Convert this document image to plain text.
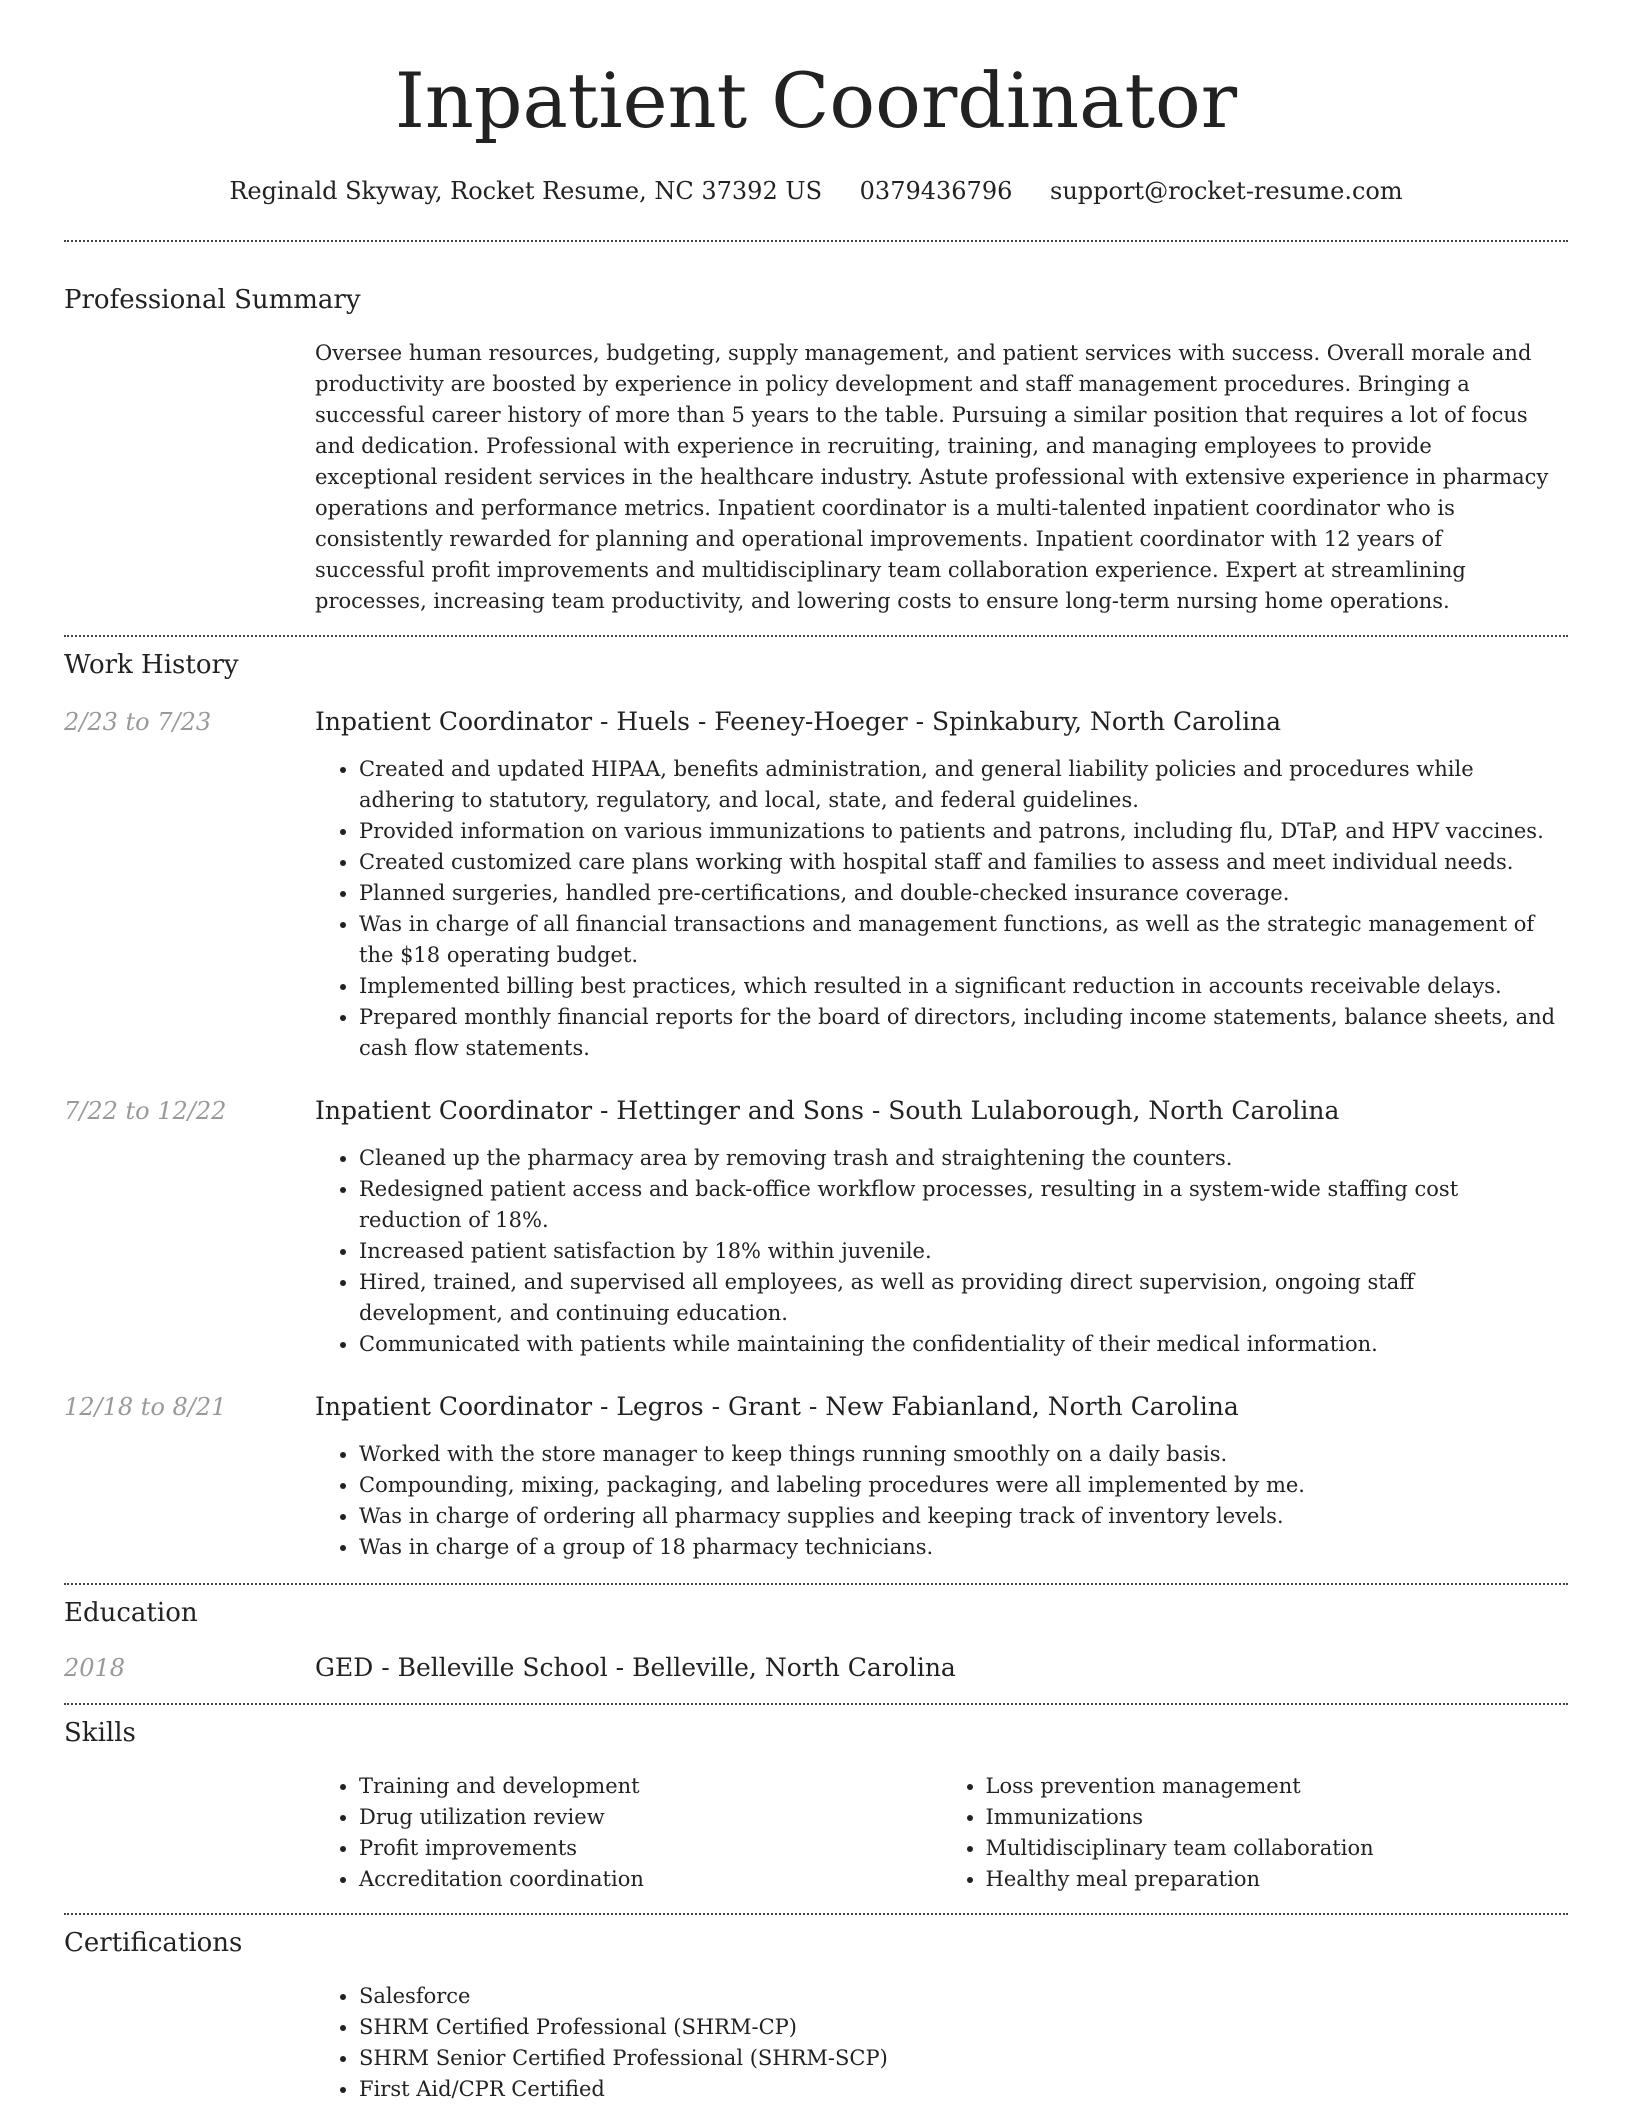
Inpatient Coordinator
Reginald Skyway, Rocket Resume, NC 37392 US 0379436796 support@rocket-resume.com
Professional Summary

Oversee human resources, budgeting, supply management, and patient services with success. Overall morale and productivity are boosted by experience in policy development and staff management procedures. Bringing a successful career history of more than 5 years to the table. Pursuing a similar position that requires a lot of focus and dedication. Professional with experience in recruiting, training, and managing employees to provide exceptional resident services in the healthcare industry. Astute professional with extensive experience in pharmacy operations and performance metrics. Inpatient coordinator is a multi-talented inpatient coordinator who is consistently rewarded for planning and operational improvements. Inpatient coordinator with 12 years of successful profit improvements and multidisciplinary team collaboration experience. Expert at streamlining processes, increasing team productivity, and lowering costs to ensure long-term nursing home operations.

Work History
2/23 to 7/23	Inpatient Coordinator - Huels - Feeney-Hoeger - Spinkabury, North Carolina
• Created and updated HIPAA, benefits administration, and general liability policies and procedures while adhering to statutory, regulatory, and local, state, and federal guidelines.
• Provided information on various immunizations to patients and patrons, including flu, DTaP, and HPV vaccines.
• Created customized care plans working with hospital staff and families to assess and meet individual needs.
• Planned surgeries, handled pre-certifications, and double-checked insurance coverage.
• Was in charge of all financial transactions and management functions, as well as the strategic management of the $18 operating budget.
• Implemented billing best practices, which resulted in a significant reduction in accounts receivable delays.
• Prepared monthly financial reports for the board of directors, including income statements, balance sheets, and cash flow statements.
7/22 to 12/22	Inpatient Coordinator - Hettinger and Sons - South Lulaborough, North Carolina
• Cleaned up the pharmacy area by removing trash and straightening the counters.
• Redesigned patient access and back-office workflow processes, resulting in a system-wide staffing cost reduction of 18%.
• Increased patient satisfaction by 18% within juvenile.
• Hired, trained, and supervised all employees, as well as providing direct supervision, ongoing staff development, and continuing education.
• Communicated with patients while maintaining the confidentiality of their medical information.
12/18 to 8/21	Inpatient Coordinator - Legros - Grant - New Fabianland, North Carolina
• Worked with the store manager to keep things running smoothly on a daily basis.
• Compounding, mixing, packaging, and labeling procedures were all implemented by me.
• Was in charge of ordering all pharmacy supplies and keeping track of inventory levels.
• Was in charge of a group of 18 pharmacy technicians.
Education
2018	GED - Belleville School - Belleville, North Carolina
Skills
• Training and development
• Drug utilization review
• Profit improvements
• Accreditation coordination
• Loss prevention management
• Immunizations
• Multidisciplinary team collaboration
• Healthy meal preparation
Certifications
• Salesforce
• SHRM Certified Professional (SHRM-CP)
• SHRM Senior Certified Professional (SHRM-SCP)
• First Aid/CPR Certified
